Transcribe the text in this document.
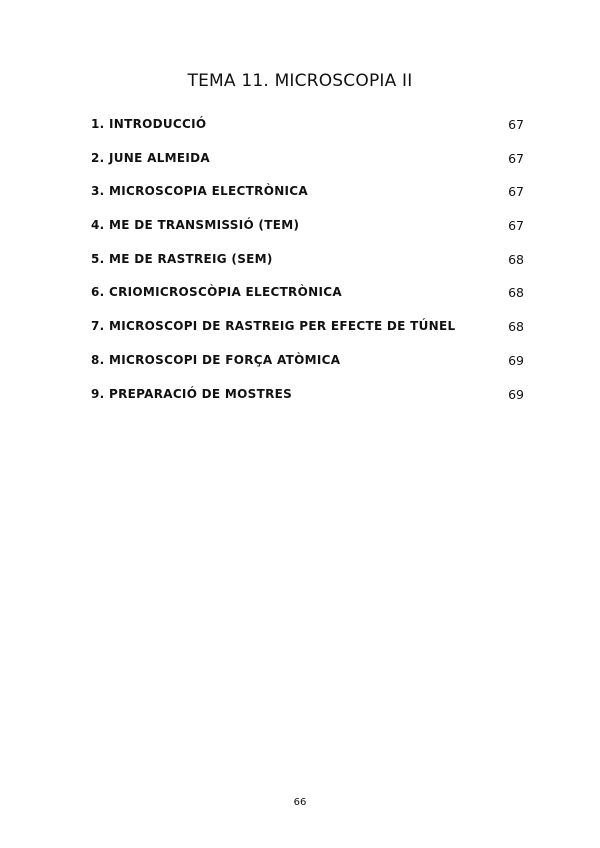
TEMA 11. MICROSCOPIA II
1. INTRODUCCIÓ	67
2. JUNE ALMEIDA	67
3. MICROSCOPIA ELECTRÒNICA	67
4. ME DE TRANSMISSIÓ (TEM)	67
5. ME DE RASTREIG (SEM)	68
6. CRIOMICROSCÒPIA ELECTRÒNICA	68
7. MICROSCOPI DE RASTREIG PER EFECTE DE TÚNEL	68
8. MICROSCOPI DE FORÇA ATÒMICA	69
9. PREPARACIÓ DE MOSTRES	69
66
